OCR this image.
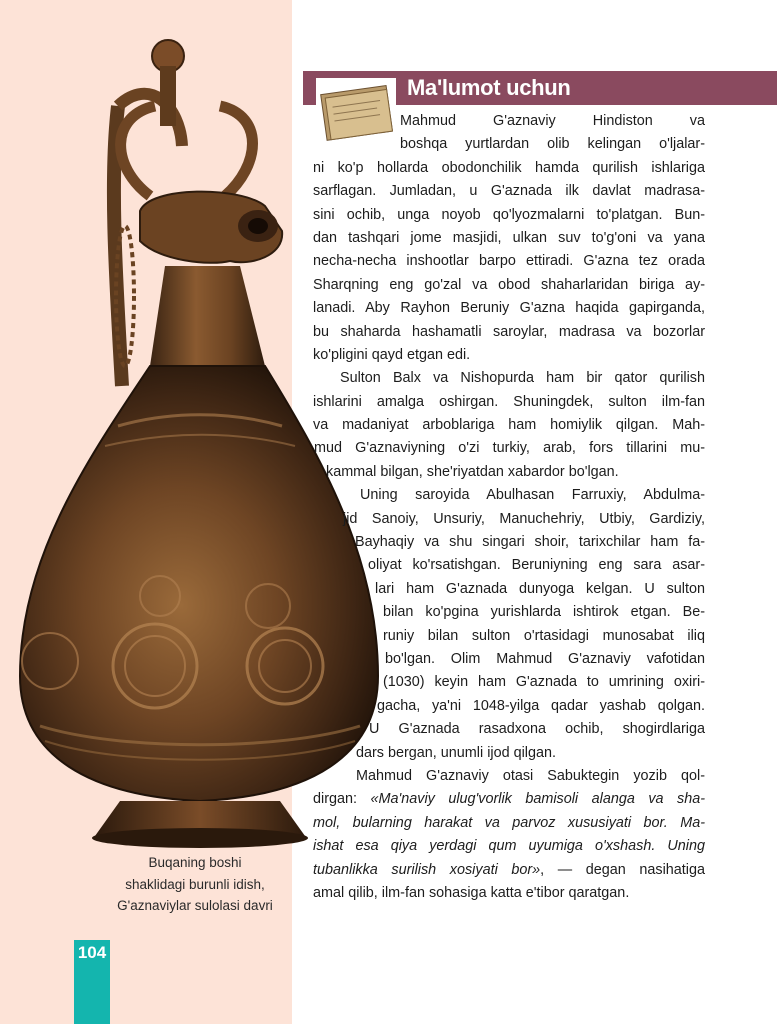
Buqaning boshi
shaklidagi burunli idish,
G'aznaviylar sulolasi davri
104
Ma'lumot uchun
Mahmud G'aznaviy Hindiston va
boshqa yurtlardan olib kelingan o'ljalar-
ni ko'p hollarda obodonchilik hamda qurilish ishlariga
sarflagan. Jumladan, u G'aznada ilk davlat madrasa-
sini ochib, unga noyob qo'lyozmalarni to'platgan. Bun-
dan tashqari jome masjidi, ulkan suv to'g'oni va yana
necha-necha inshootlar barpo ettiradi. G'azna tez orada
Sharqning eng go'zal va obod shaharlaridan biriga ay-
lanadi. Aby Rayhon Beruniy G'azna haqida gapirganda,
bu shaharda hashamatli saroylar, madrasa va bozorlar
ko'pligini qayd etgan edi.
Sulton Balx va Nishopurda ham bir qator qurilish
ishlarini amalga oshirgan. Shuningdek, sulton ilm-fan
va madaniyat arboblariga ham homiylik qilgan. Mah-
mud G'aznaviyning o'zi turkiy, arab, fors tillarini mu-
kammal bilgan, she'riyatdan xabardor bo'lgan.
Uning saroyida Abulhasan Farruxiy, Abdulma-
jid Sanoiy, Unsuriy, Manuchehriy, Utbiy, Gardiziy,
Bayhaqiy va shu singari shoir, tarixchilar ham fa-
oliyat ko'rsatishgan. Beruniyning eng sara asar-
lari ham G'aznada dunyoga kelgan. U sulton
bilan ko'pgina yurishlarda ishtirok etgan. Be-
runiy bilan sulton o'rtasidagi munosabat iliq
bo'lgan. Olim Mahmud G'aznaviy vafotidan
(1030) keyin ham G'aznada to umrining oxiri-
gacha, ya'ni 1048-yilga qadar yashab qolgan.
U G'aznada rasadxona ochib, shogirdlariga
dars bergan, unumli ijod qilgan.
Mahmud G'aznaviy otasi Sabuktegin yozib qol-
dirgan: «Ma'naviy ulug'vorlik bamisoli alanga va sha-
mol, bularning harakat va parvoz xususiyati bor. Ma-
ishat esa qiya yerdagi qum uyumiga o'xshash. Uning
tubanlikka surilish xosiyati bor», — degan nasihatiga
amal qilib, ilm-fan sohasiga katta e'tibor qaratgan.
